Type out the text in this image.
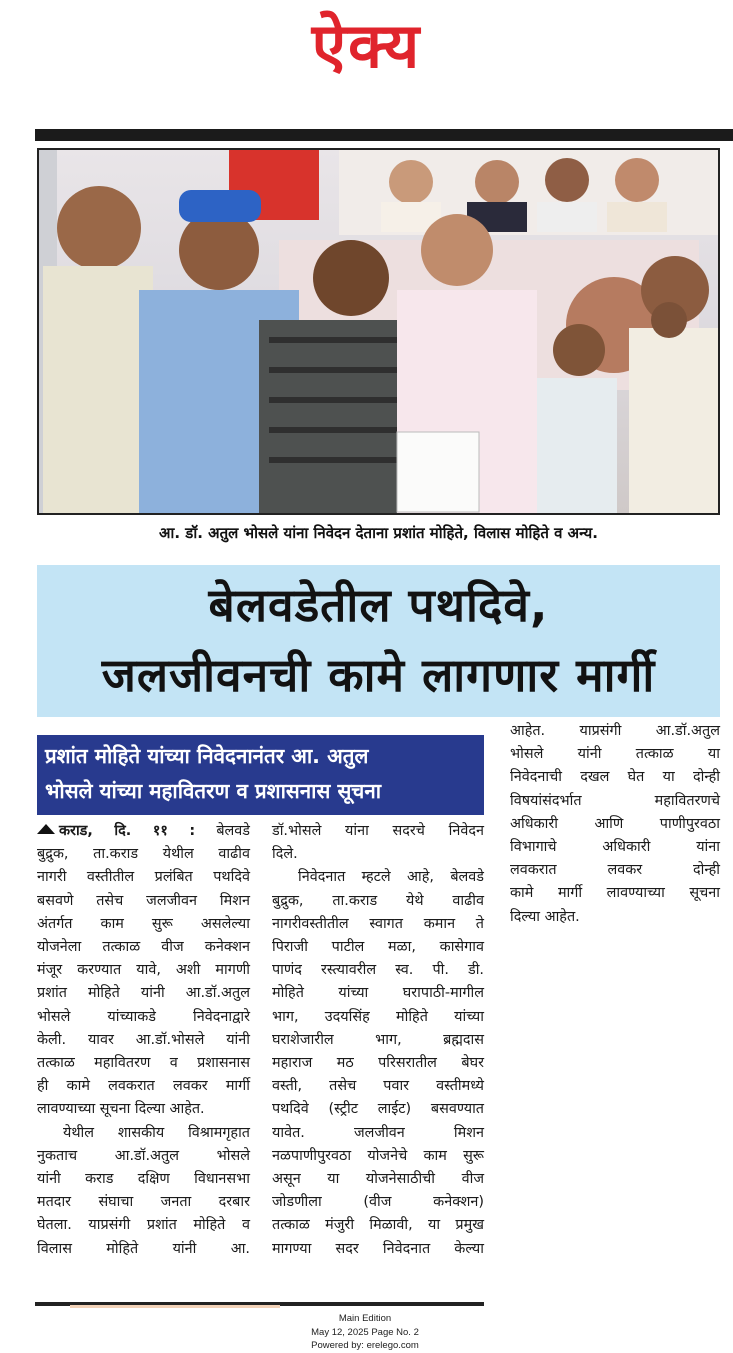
ऐक्य
आ. डॉ. अतुल भोसले यांना निवेदन देताना प्रशांत मोहिते, विलास मोहिते व अन्य.
बेलवडेतील पथदिवे,
जलजीवनची कामे लागणार मार्गी
प्रशांत मोहिते यांच्या निवेदनानंतर आ. अतुल
भोसले यांच्या महावितरण व प्रशासनास सूचना
कराड, दि. ११ : बेलवडे

बुद्रुक, ता.कराड येथील वाढीव

नागरी वस्तीतील प्रलंबित पथदिवे

बसवणे तसेच जलजीवन मिशन

अंतर्गत काम सुरू असलेल्या

योजनेला तत्काळ वीज कनेक्शन

मंजूर करण्यात यावे, अशी मागणी

प्रशांत मोहिते यांनी आ.डॉ.अतुल

भोसले यांच्याकडे निवेदनाद्वारे

केली. यावर आ.डॉ.भोसले यांनी

तत्काळ महावितरण व प्रशासनास

ही कामे लवकरात लवकर मार्गी

लावण्याच्या सूचना दिल्या आहेत.

येथील शासकीय विश्रामगृहात

नुकताच आ.डॉ.अतुल भोसले

यांनी कराड दक्षिण विधानसभा

मतदार संघाचा जनता दरबार

घेतला. याप्रसंगी प्रशांत मोहिते व

विलास मोहिते यांनी आ.

डॉ.भोसले यांना सदरचे निवेदन

दिले.

निवेदनात म्हटले आहे, बेलवडे

बुद्रुक, ता.कराड येथे वाढीव

नागरीवस्तीतील स्वागत कमान ते

पिराजी पाटील मळा, कासेगाव

पाणंद रस्त्यावरील स्व. पी. डी.

मोहिते यांच्या घरापाठी-मागील

भाग, उदयसिंह मोहिते यांच्या

घराशेजारील भाग, ब्रह्मदास

महाराज मठ परिसरातील बेघर

वस्ती, तसेच पवार वस्तीमध्ये

पथदिवे (स्ट्रीट लाईट) बसवण्यात

यावेत. जलजीवन मिशन

नळपाणीपुरवठा योजनेचे काम सुरू

असून या योजनेसाठीची वीज

जोडणीला (वीज कनेक्शन)

तत्काळ मंजुरी मिळावी, या प्रमुख

मागण्या सदर निवेदनात केल्या

आहेत. याप्रसंगी आ.डॉ.अतुल

भोसले यांनी तत्काळ या

निवेदनाची दखल घेत या दोन्ही

विषयांसंदर्भात महावितरणचे

अधिकारी आणि पाणीपुरवठा

विभागाचे अधिकारी यांना

लवकरात लवकर दोन्ही

कामे मार्गी लावण्याच्या सूचना

दिल्या आहेत.

Main Edition
May 12, 2025 Page No. 2
Powered by: erelego.com
